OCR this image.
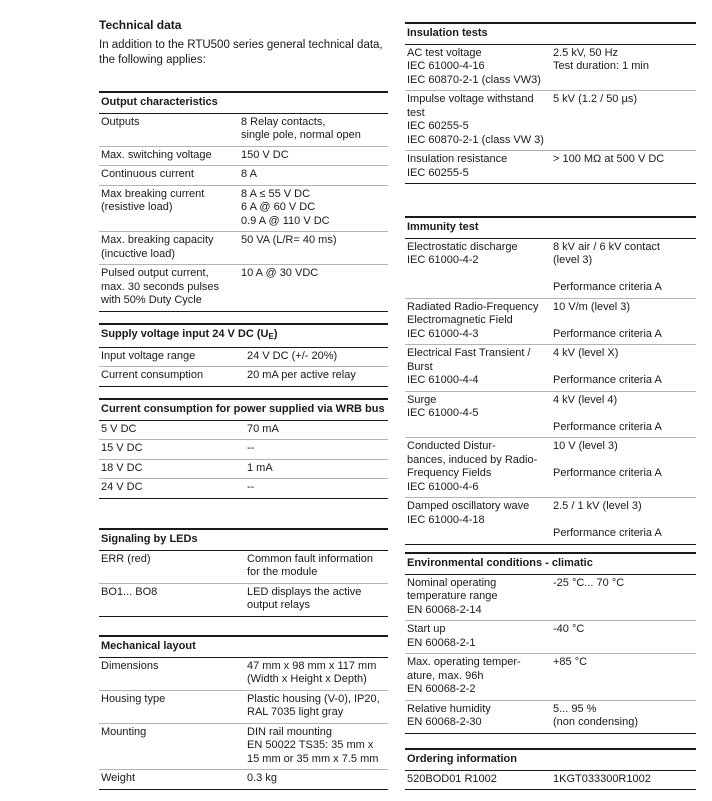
Technical data

In addition to the RTU500 series general technical data, the following applies:

Output characteristics	
Outputs	8 Relay contacts,
single pole, normal open
Max. switching voltage	150 V DC
Continuous current	8 A
Max breaking current
(resistive load)	8 A ≤ 55 V DC
6 A @ 60 V DC
0.9 A @ 110 V DC
Max. breaking capacity
(incuctive load)	50 VA (L/R= 40 ms)
Pulsed output current,
max. 30 seconds pulses
with 50% Duty Cycle	10 A @ 30 VDC
Supply voltage input 24 V DC $(U_E)$	
Input voltage range	24 V DC (+/- 20%)
Current consumption	20 mA per active relay
Current consumption for power supplied via WRB bus	
5 V DC	70 mA
15 V DC	--
18 V DC	1 mA
24 V DC	--
Signaling by LEDs	
ERR (red)	Common fault information
for the module
BO1... BO8	LED displays the active
output relays
Mechanical layout	
Dimensions	47 mm x 98 mm x 117 mm
(Width x Height x Depth)
Housing type	Plastic housing (V-0), IP20,
RAL 7035 light gray
Mounting	DIN rail mounting
EN 50022 TS35: 35 mm x
15 mm or 35 mm x 7.5 mm
Weight	0.3 kg
Insulation tests	
AC test voltage
IEC 61000-4-16
IEC 60870-2-1 (class VW3)	2.5 kV, 50 Hz
Test duration: 1 min
Impulse voltage withstand test
IEC 60255-5
IEC 60870-2-1 (class VW 3)	5 kV (1.2 / 50 µs)
Insulation resistance
IEC 60255-5	> 100 MΩ at 500 V DC
Immunity test	
Electrostatic discharge
IEC 61000-4-2	8 kV air / 6 kV contact
(level 3)

Performance criteria A
Radiated Radio-Frequency Electromagnetic Field
IEC 61000-4-3	10 V/m (level 3)

Performance criteria A
Electrical Fast Transient / Burst
IEC 61000-4-4	4 kV (level X)

Performance criteria A
Surge
IEC 61000-4-5	4 kV (level 4)

Performance criteria A
Conducted Distur-
bances, induced by Radio-
Frequency Fields
IEC 61000-4-6	10 V (level 3)

Performance criteria A
Damped oscillatory wave
IEC 61000-4-18	2.5 / 1 kV (level 3)

Performance criteria A
Environmental conditions - climatic	
Nominal operating
temperature range
EN 60068-2-14	-25 °C... 70 °C
Start up
EN 60068-2-1	-40 °C
Max. operating temper-
ature, max. 96h
EN 60068-2-2	+85 °C
Relative humidity
EN 60068-2-30	5... 95 %
(non condensing)
Ordering information
520BOD01 R1002	1KGT033300R1002
